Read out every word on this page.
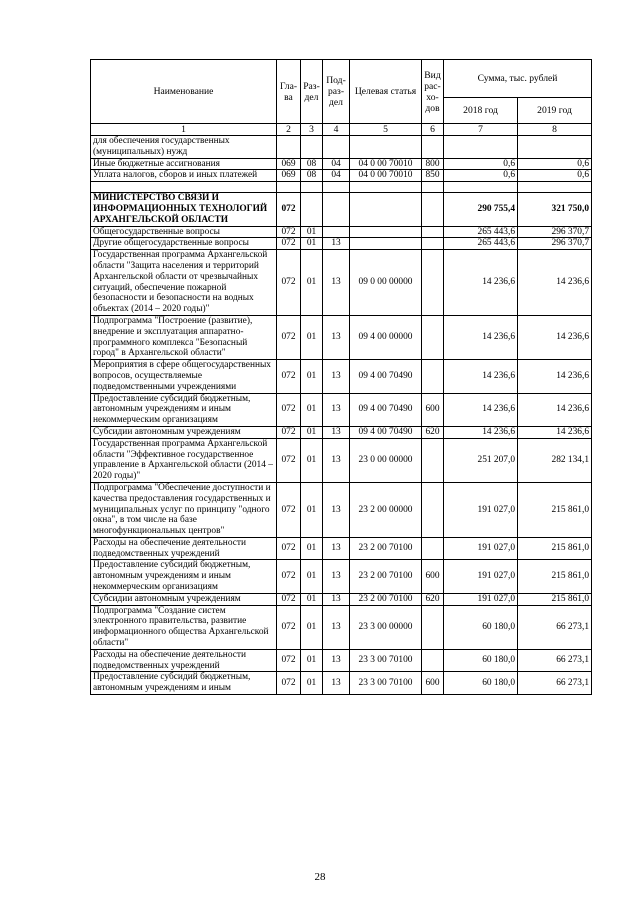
Наименование	Гла-ва	Раз-дел	Под-раз-дел	Целевая статья	Вид рас-хо-дов	Сумма, тыс. рублей	
						2018 год	2019 год
1	2	3	4	5	6	7	8
для обеспечения государственных (муниципальных) нужд							
Иные бюджетные ассигнования	069	08	04	04 0 00 70010	800	0,6	0,6
Уплата налогов, сборов и иных платежей	069	08	04	04 0 00 70010	850	0,6	0,6

МИНИСТЕРСТВО СВЯЗИ И ИНФОРМАЦИОННЫХ ТЕХНОЛОГИЙ АРХАНГЕЛЬСКОЙ ОБЛАСТИ	072					290 755,4	321 750,0
Общегосударственные вопросы	072	01				265 443,6	296 370,7
Другие общегосударственные вопросы	072	01	13			265 443,6	296 370,7
Государственная программа Архангельской области "Защита населения и территорий Архангельской области от чрезвычайных ситуаций, обеспечение пожарной безопасности и безопасности на водных объектах (2014 – 2020 годы)"	072	01	13	09 0 00 00000		14 236,6	14 236,6
Подпрограмма "Построение (развитие), внедрение и эксплуатация аппаратно-программного комплекса "Безопасный город" в Архангельской области"	072	01	13	09 4 00 00000		14 236,6	14 236,6
Мероприятия в сфере общегосударственных вопросов, осуществляемые подведомственными учреждениями	072	01	13	09 4 00 70490		14 236,6	14 236,6
Предоставление субсидий бюджетным, автономным учреждениям и иным некоммерческим организациям	072	01	13	09 4 00 70490	600	14 236,6	14 236,6
Субсидии автономным учреждениям	072	01	13	09 4 00 70490	620	14 236,6	14 236,6
Государственная программа Архангельской области "Эффективное государственное управление в Архангельской области (2014 – 2020 годы)"	072	01	13	23 0 00 00000		251 207,0	282 134,1
Подпрограмма "Обеспечение доступности и качества предоставления государственных и муниципальных услуг по принципу "одного окна", в том числе на базе многофункциональных центров"	072	01	13	23 2 00 00000		191 027,0	215 861,0
Расходы на обеспечение деятельности подведомственных учреждений	072	01	13	23 2 00 70100		191 027,0	215 861,0
Предоставление субсидий бюджетным, автономным учреждениям и иным некоммерческим организациям	072	01	13	23 2 00 70100	600	191 027,0	215 861,0
Субсидии автономным учреждениям	072	01	13	23 2 00 70100	620	191 027,0	215 861,0
Подпрограмма "Создание систем электронного правительства, развитие информационного общества Архангельской области"	072	01	13	23 3 00 00000		60 180,0	66 273,1
Расходы на обеспечение деятельности подведомственных учреждений	072	01	13	23 3 00 70100		60 180,0	66 273,1
Предоставление субсидий бюджетным, автономным учреждениям и иным	072	01	13	23 3 00 70100	600	60 180,0	66 273,1
28
